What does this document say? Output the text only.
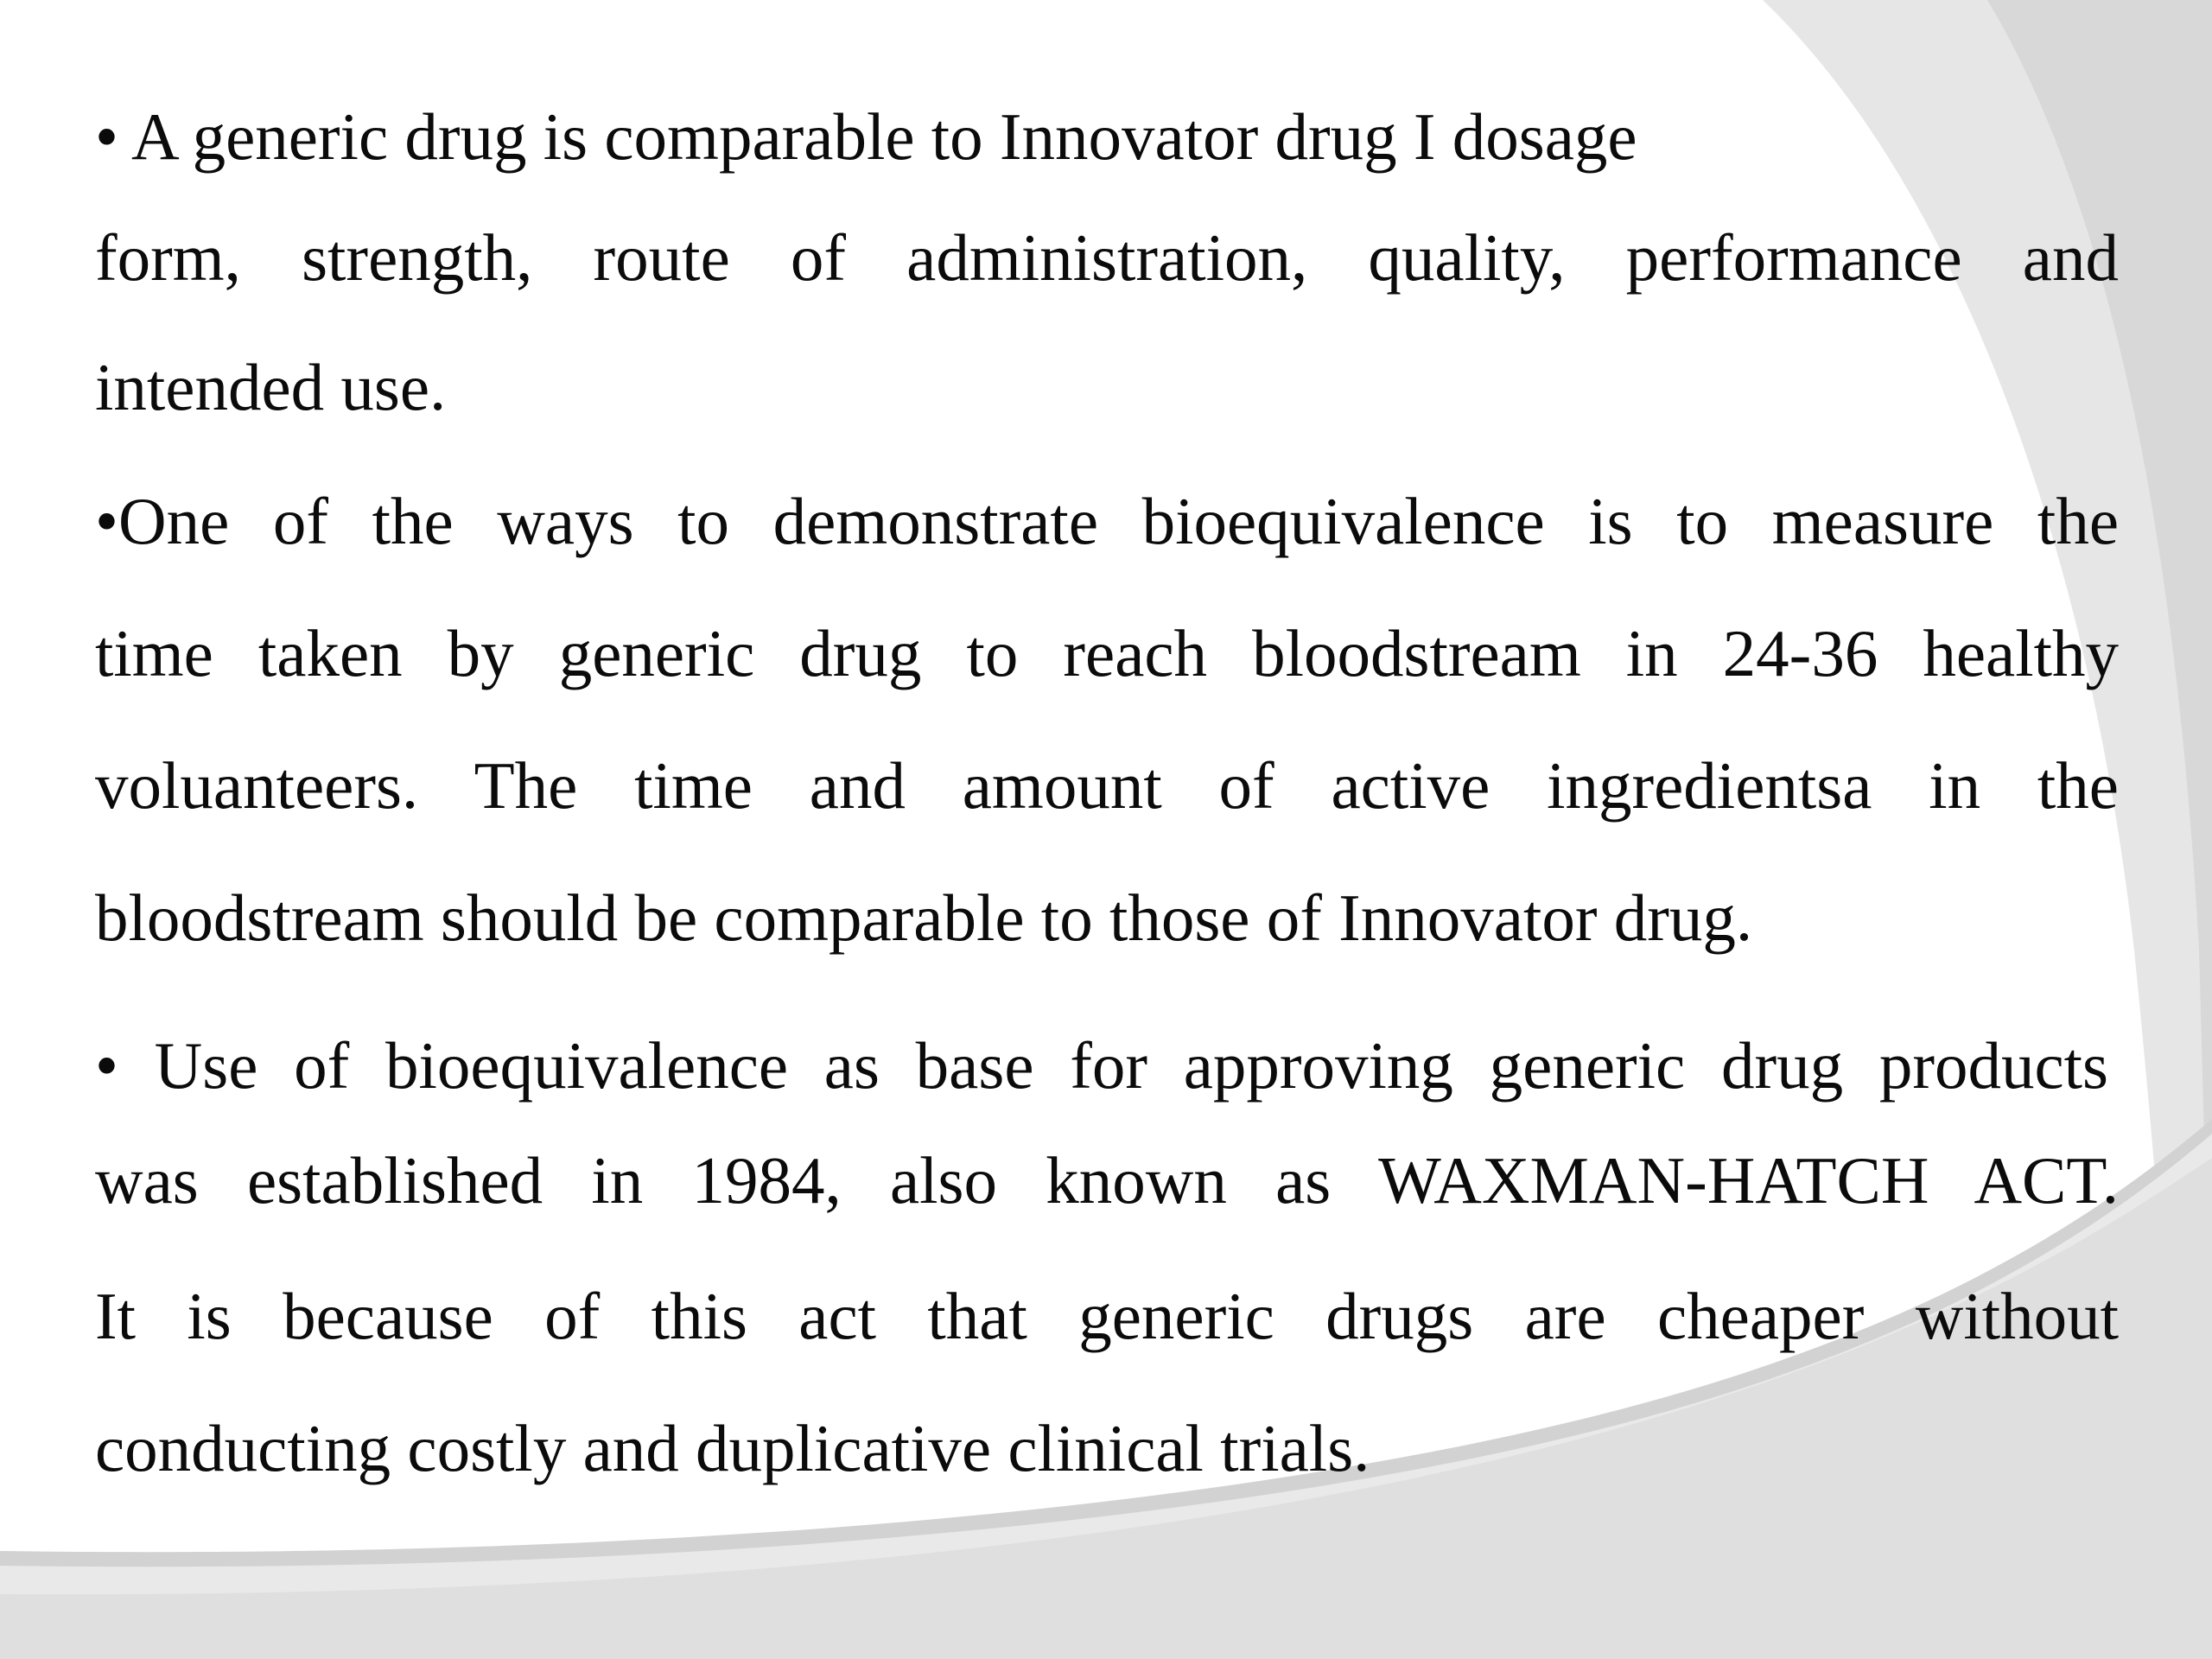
• A generic drug is comparable to Innovator drug I dosage
form, strength, route of administration, quality, performance and
intended use.
•One of the ways to demonstrate bioequivalence is to measure the
time taken by generic drug to reach bloodstream in 24-36 healthy
voluanteers. The time and amount of active ingredientsa in the
bloodstream should be comparable to those of Innovator drug.
• Use of bioequivalence as base for approving generic drug products
was established in 1984, also known as WAXMAN-HATCH ACT.
It is because of this act that generic drugs are cheaper without
conducting costly and duplicative clinical trials.
